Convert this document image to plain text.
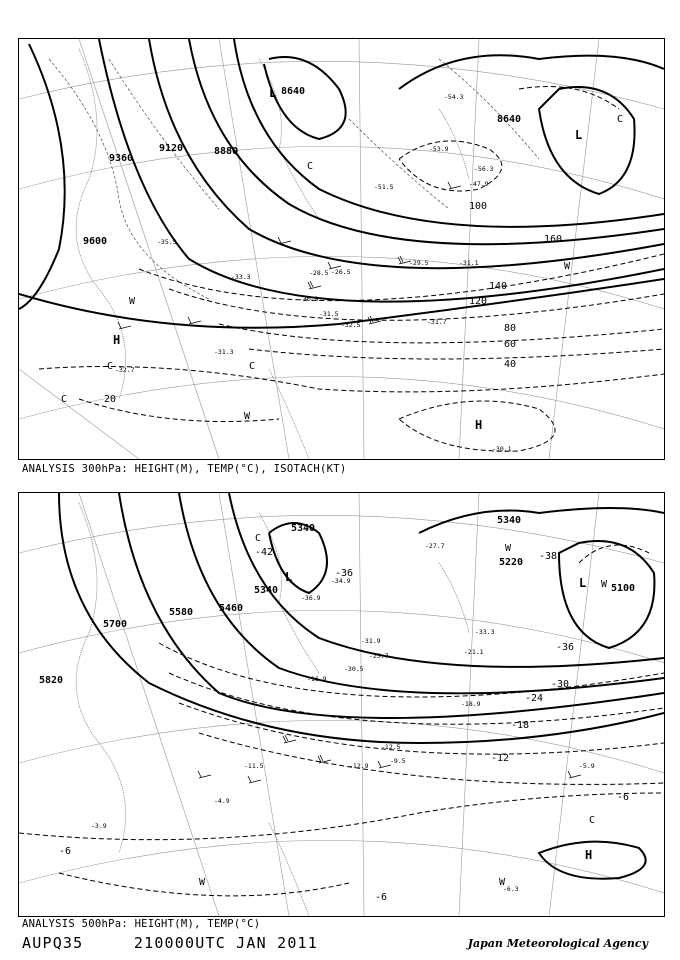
9600
9360
9120	8880
8640
8640
20
40
60
80
100
120
140
160
L
L
H
H
-30.9
-31.5
-32.5	-31.7
-31.3
-32.7
-29.5	-31.1
-28.5
-30.1
-54.3
-53.9
-56.3
-47.9
-51.5
-33.3
-35.5
-26.5
C
C
C
C
W
W
W
C
ANALYSIS 300hPa: HEIGHT(M), TEMP(°C), ISOTACH(KT)
5820
5700
5580	5460
5340
5340
5340
5220
5100
-42
-36
-36
-30
-24
-18
-12
-6
-6
-6
-38
L	L
H
-31.9
-30.5
-25.7	-21.1
-18.9
-16.9
-12.5
-9.5
-12.9
-11.5	-5.9
-4.9
-3.9
-6.3
-33.3
-27.7
-36.9
-34.9
C
C
W
W
W	W
ANALYSIS 500hPa: HEIGHT(M), TEMP(°C)
AUPQ35	210000UTC JAN 2011	Japan Meteorological Agency
